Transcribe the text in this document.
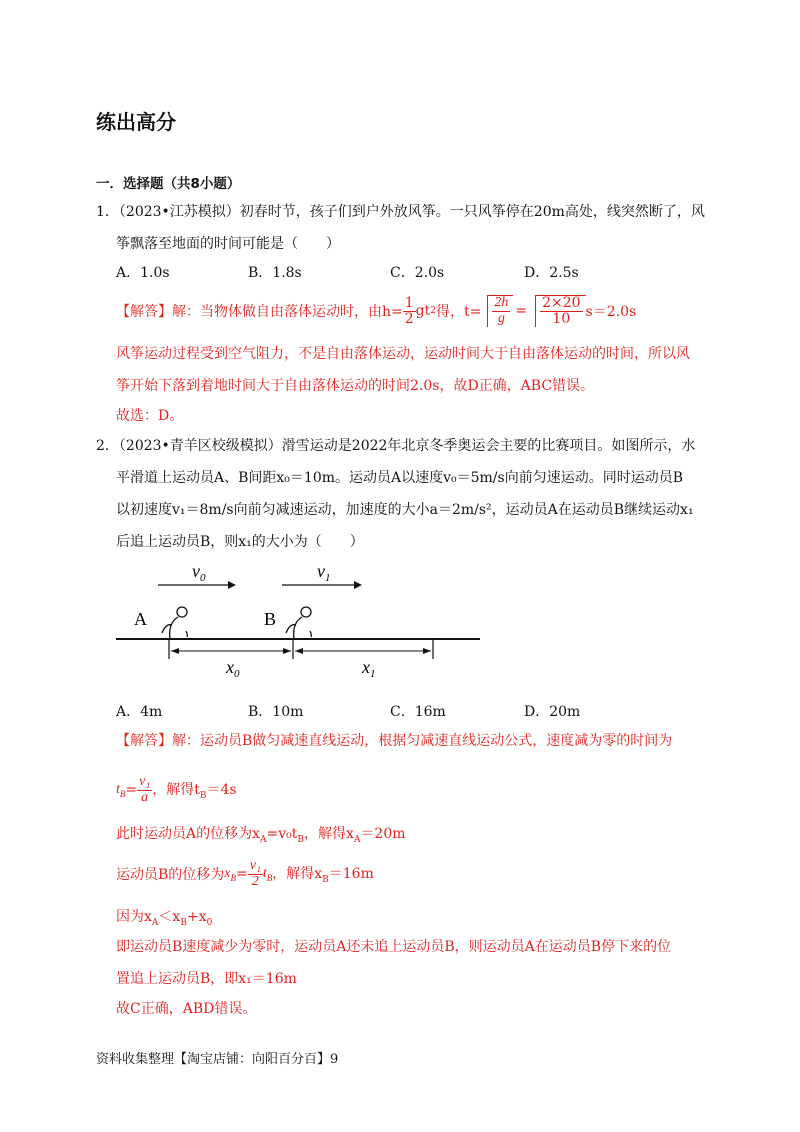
练出高分
一．选择题（共8小题）
1．（2023•江苏模拟）初春时节，孩子们到户外放风筝。一只风筝停在20m高处，线突然断了，风
筝飘落至地面的时间可能是（　　）
A．1.0s	B．1.8s	C．2.0s	D．2.5s
【解答】解：当物体做自由落体运动时，由$h= \frac{1}{2}$ gt 2 得，$t= \frac{2h}{g} = \frac{2\times 20}{10} s=2.0s$
风筝运动过程受到空气阻力，不是自由落体运动，运动时间大于自由落体运动的时间，所以风
筝开始下落到着地时间大于自由落体运动的时间2.0s，故D正确，ABC错误。
故选：D。
2．（2023•青羊区校级模拟）滑雪运动是2022年北京冬季奥运会主要的比赛项目。如图所示，水
平滑道上运动员A、B间距x₀＝10m。运动员A以速度v₀＝5m/s向前匀速运动。同时运动员B
以初速度v₁＝8m/s向前匀减速运动，加速度的大小a＝2m/s²，运动员A在运动员B继续运动x₁
后追上运动员B，则x₁的大小为（　　）
$v_0$	$v_1$
A	B
$x_0$	$x_1$
A．4m	B．10m	C．16m	D．20m
【解答】解：运动员B做匀减速直线运动，根据匀减速直线运动公式，速度减为零的时间为
$t_B = \frac{\text{v₁}}{a}$ ，解得$t_B=4s$
此时运动员A的位移为$x_A=v_0t_B$，解得$x_A=20m$
运动员B的位移为 $x_B = \frac{\text{v₁}}{2} t_B$ ，解得$x_B=16m$
因为$x_A<x_B+x_0$
即运动员B速度减少为零时，运动员A还未追上运动员B，则运动员A在运动员B停下来的位
置追上运动员B，即x₁＝16m
故C正确，ABD错误。
资料收集整理【淘宝店铺：向阳百分百】9
